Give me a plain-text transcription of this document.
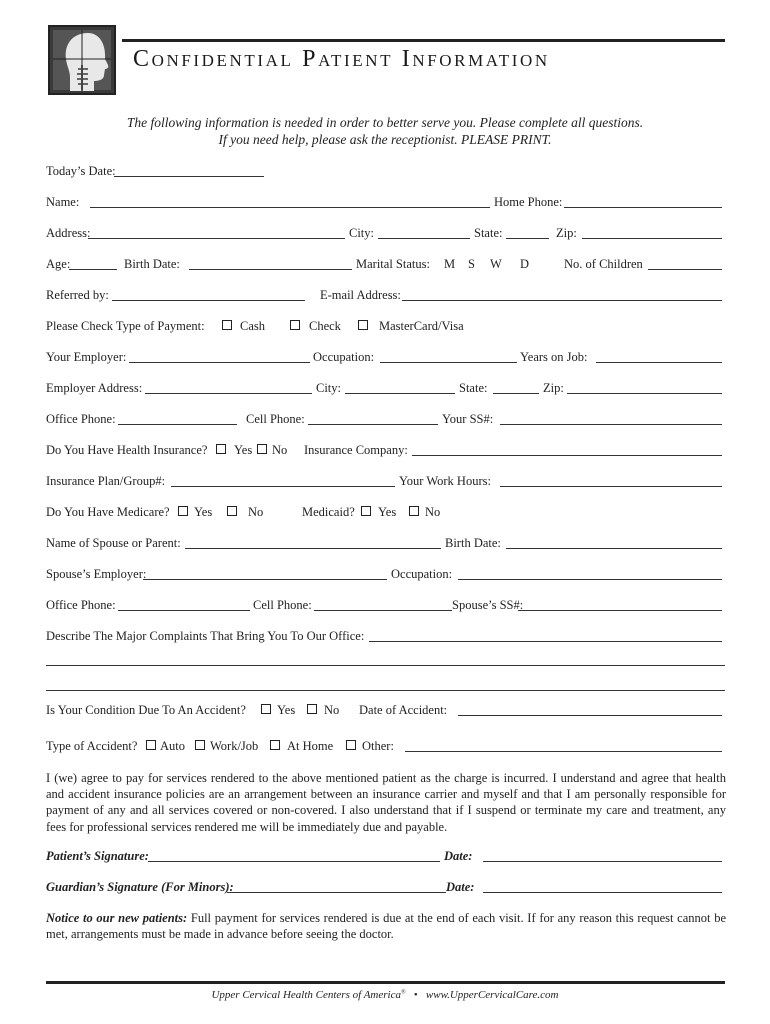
Confidential Patient Information
The following information is needed in order to better serve you. Please complete all questions.
If you need help, please ask the receptionist. PLEASE PRINT.
Today’s Date:
Name:	Home Phone:
Address:	City:	State:	Zip:
Age:	Birth Date:	Marital Status: M S W D	No. of Children
Referred by:	E-mail Address:
Please Check Type of Payment:	Cash	Check	MasterCard/Visa
Your Employer:	Occupation:	Years on Job:
Employer Address:	City:	State:	Zip:
Office Phone:	Cell Phone:	Your SS#:
Do You Have Health Insurance? Yes No Insurance Company:
Insurance Plan/Group#:	Your Work Hours:
Do You Have Medicare? Yes	No	Medicaid? Yes No
Name of Spouse or Parent:	Birth Date:
Spouse’s Employer:	Occupation:
Office Phone:	Cell Phone:	Spouse’s SS#:
Describe The Major Complaints That Bring You To Our Office:
Is Your Condition Due To An Accident? Yes No Date of Accident:
Type of Accident? Auto Work/Job At Home Other:
I (we) agree to pay for services rendered to the above mentioned patient as the charge is incurred. I understand and agree that health and accident insurance policies are an arrangement between an insurance carrier and myself and that I am personally responsible for payment of any and all services covered or non-covered. I also understand that if I suspend or terminate my care and treatment, any fees for professional services rendered me will be immediately due and payable.
Patient’s Signature:	Date:
Guardian’s Signature (For Minors):	Date:
Notice to our new patients: Full payment for services rendered is due at the end of each visit. If for any reason this request cannot be met, arrangements must be made in advance before seeing the doctor.
Upper Cervical Health Centers of America® • www.UpperCervicalCare.com
